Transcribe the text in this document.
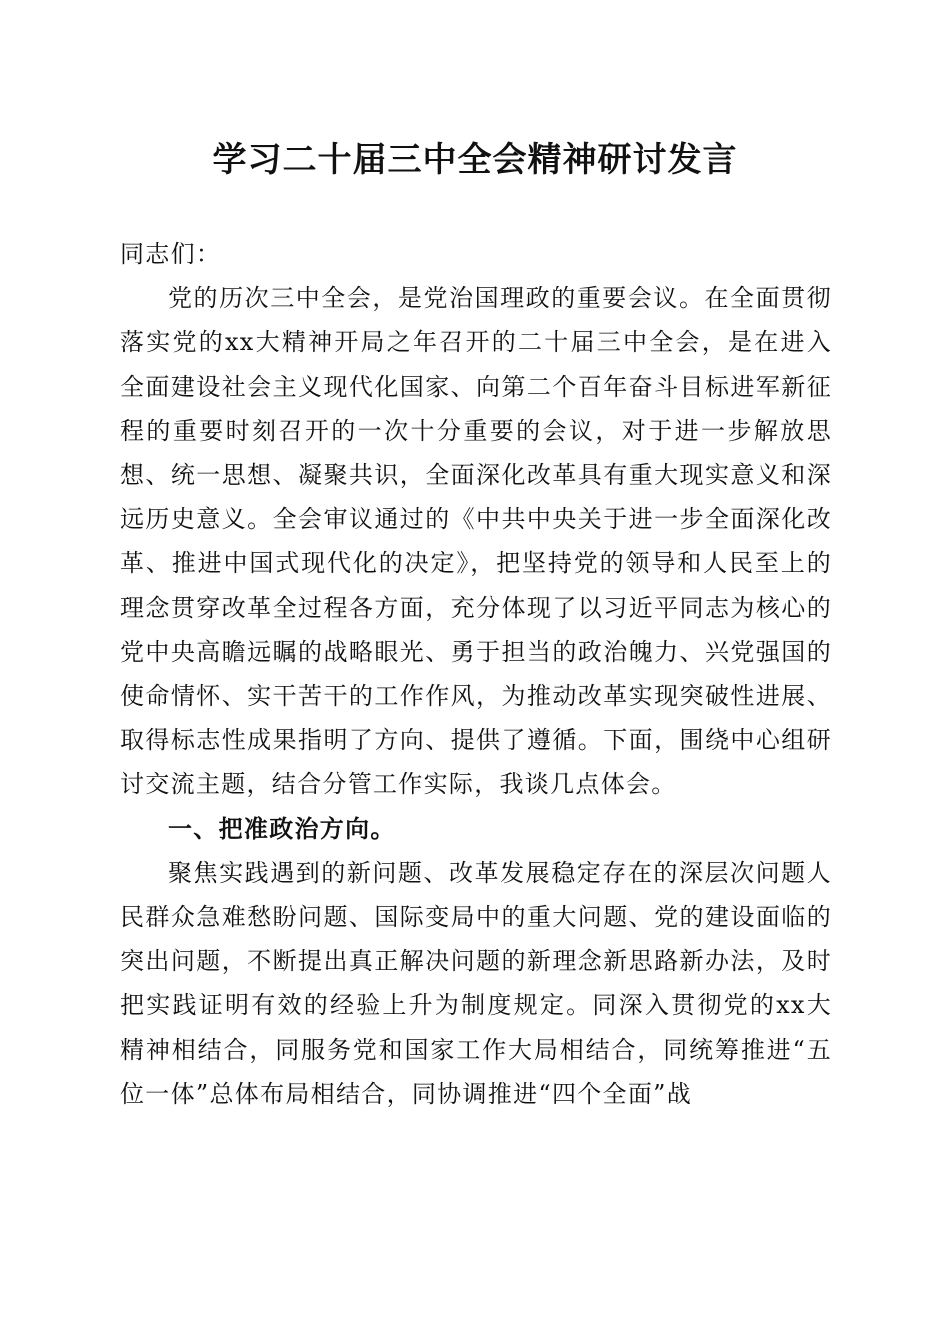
学习二十届三中全会精神研讨发言

同志们：

党的历次三中全会，是党治国理政的重要会议。在全面贯彻落实党的xx大精神开局之年召开的二十届三中全会，是在进入全面建设社会主义现代化国家、向第二个百年奋斗目标进军新征程的重要时刻召开的一次十分重要的会议，对于进一步解放思想、统一思想、凝聚共识，全面深化改革具有重大现实意义和深远历史意义。全会审议通过的《中共中央关于进一步全面深化改革、推进中国式现代化的决定》，把坚持党的领导和人民至上的理念贯穿改革全过程各方面，充分体现了以习近平同志为核心的党中央高瞻远瞩的战略眼光、勇于担当的政治魄力、兴党强国的使命情怀、实干苦干的工作作风，为推动改革实现突破性进展、取得标志性成果指明了方向、提供了遵循。下面，围绕中心组研讨交流主题，结合分管工作实际，我谈几点体会。

一、把准政治方向。

聚焦实践遇到的新问题、改革发展稳定存在的深层次问题人民群众急难愁盼问题、国际变局中的重大问题、党的建设面临的突出问题，不断提出真正解决问题的新理念新思路新办法，及时把实践证明有效的经验上升为制度规定。同深入贯彻党的xx大精神相结合，同服务党和国家工作大局相结合，同统筹推进“五位一体”总体布局相结合，同协调推进“四个全面”战
